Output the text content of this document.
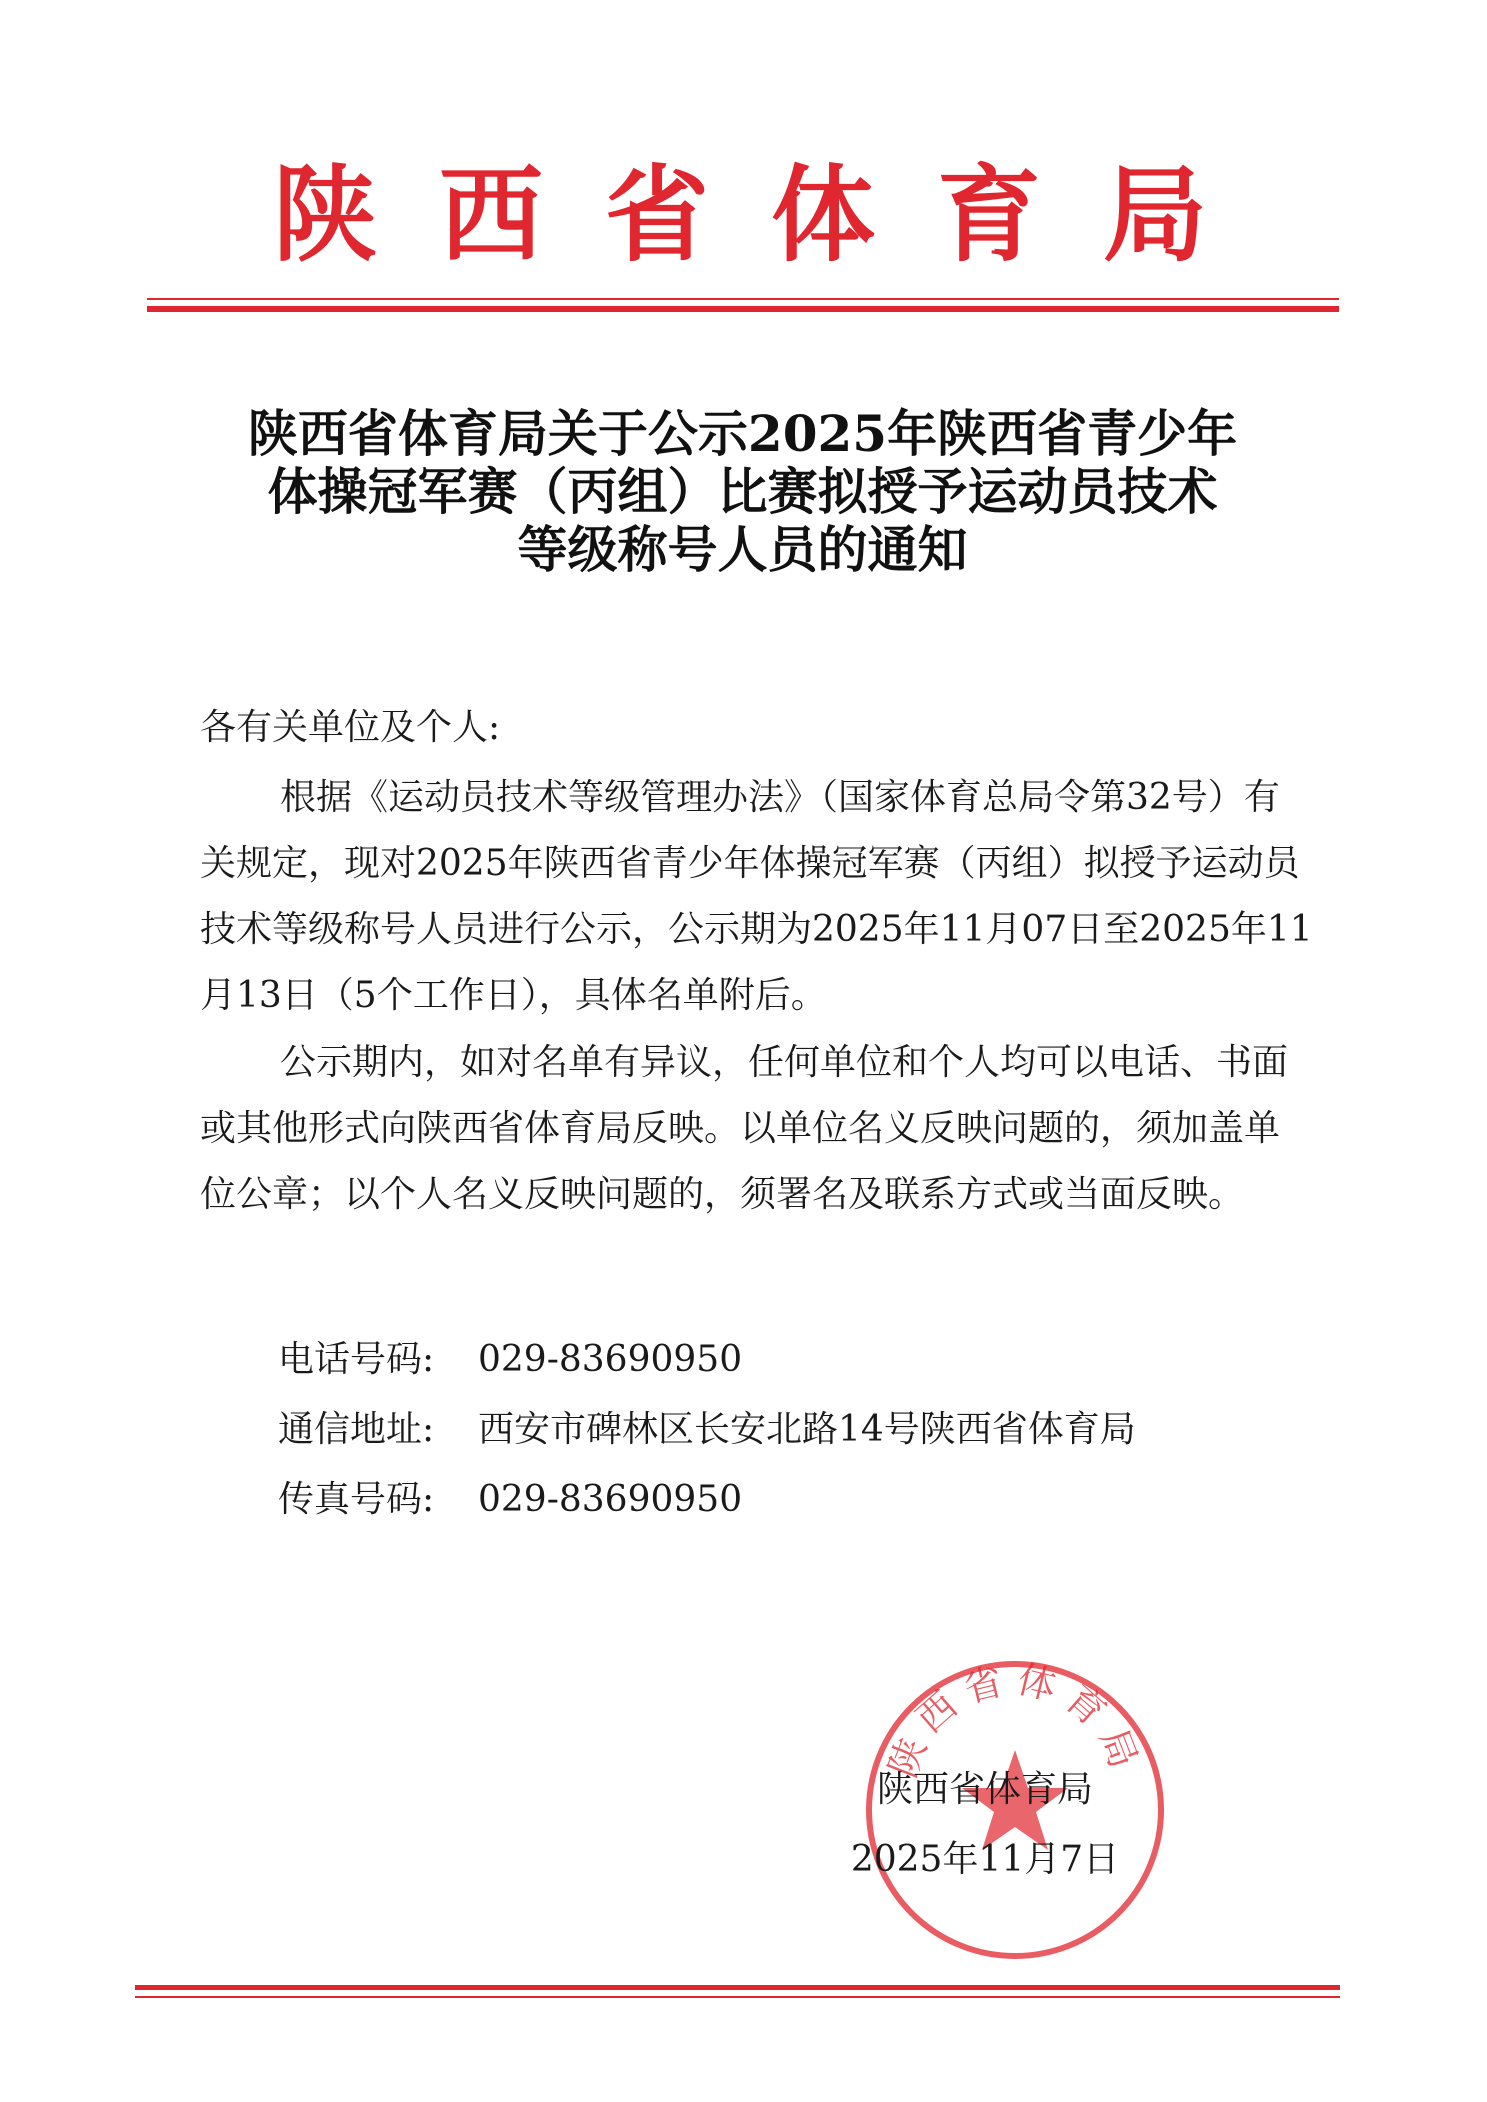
陕西省体育局
陕西省体育局关于公示2025年陕西省青少年
体操冠军赛（丙组）比赛拟授予运动员技术
等级称号人员的通知
各有关单位及个人:
根据《运动员技术等级管理办法》（国家体育总局令第32号）有关规定，现对2025年陕西省青少年体操冠军赛（丙组）拟授予运动员技术等级称号人员进行公示，公示期为2025年11月07日至2025年11月13日（5个工作日），具体名单附后。
公示期内，如对名单有异议，任何单位和个人均可以电话、书面或其他形式向陕西省体育局反映。以单位名义反映问题的，须加盖单位公章；以个人名义反映问题的，须署名及联系方式或当面反映。
电话号码: 029-83690950
通信地址: 西安市碑林区长安北路14号陕西省体育局
传真号码: 029-83690950
陕西省体育局
陕西省体育局
2025年11月7日
